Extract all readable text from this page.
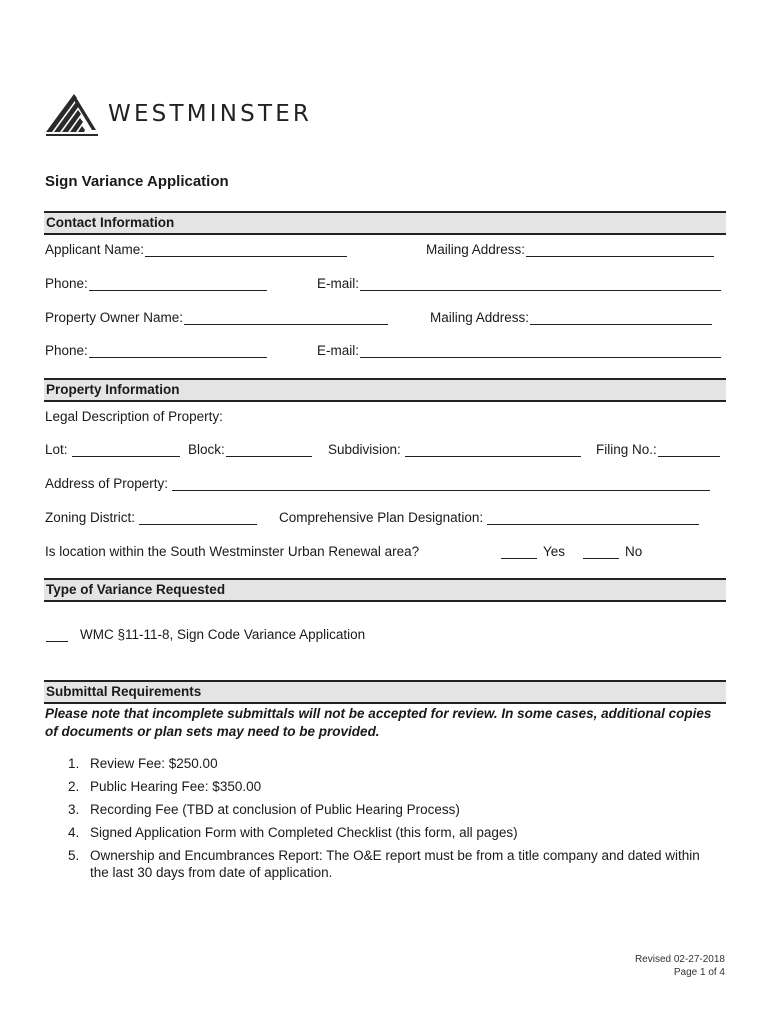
WESTMINSTER
Sign Variance Application
Contact Information
Applicant Name:	Mailing Address:
Phone:	E-mail:
Property Owner Name:	Mailing Address:
Phone:	E-mail:
Property Information
Legal Description of Property:
Lot:	Block:	Subdivision:	Filing No.:
Address of Property:
Zoning District:	Comprehensive Plan Designation:
Is location within the South Westminster Urban Renewal area?	Yes	No
Type of Variance Requested
WMC §11-11-8, Sign Code Variance Application
Submittal Requirements
Please note that incomplete submittals will not be accepted for review. In some cases, additional copies of documents or plan sets may need to be provided.
1. Review Fee: $250.00
2. Public Hearing Fee: $350.00
3. Recording Fee (TBD at conclusion of Public Hearing Process)
4. Signed Application Form with Completed Checklist (this form, all pages)
5. Ownership and Encumbrances Report: The O&E report must be from a title company and dated within the last 30 days from date of application.
Revised 02-27-2018
Page 1 of 4
